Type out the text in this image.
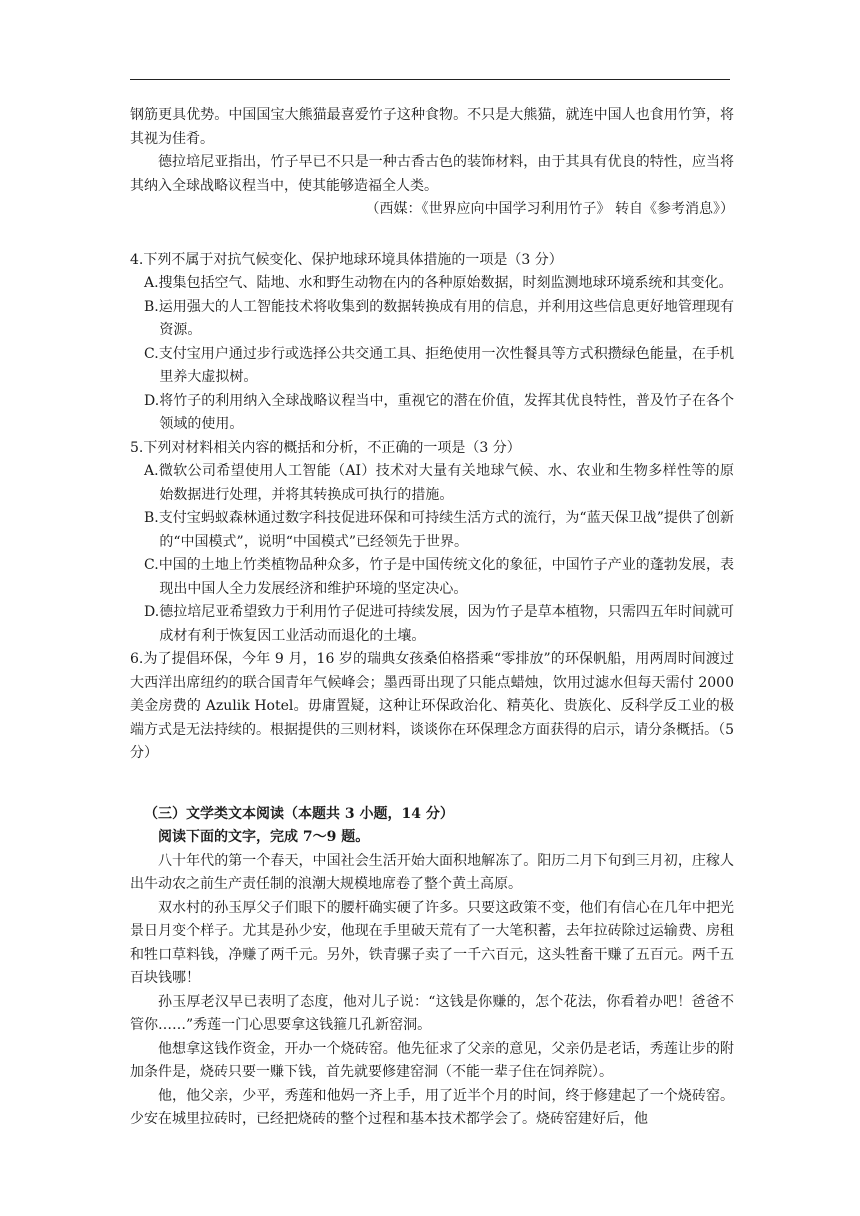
钢筋更具优势。中国国宝大熊猫最喜爱竹子这种食物。不只是大熊猫，就连中国人也食用竹笋，将其视为佳肴。

德拉培尼亚指出，竹子早已不只是一种古香古色的装饰材料，由于其具有优良的特性，应当将其纳入全球战略议程当中，使其能够造福全人类。

（西媒：《世界应向中国学习利用竹子》 转自《参考消息》）

4.下列不属于对抗气候变化、保护地球环境具体措施的一项是（3 分）

A.搜集包括空气、陆地、水和野生动物在内的各种原始数据，时刻监测地球环境系统和其变化。

B.运用强大的人工智能技术将收集到的数据转换成有用的信息，并利用这些信息更好地管理现有资源。

C.支付宝用户通过步行或选择公共交通工具、拒绝使用一次性餐具等方式积攒绿色能量，在手机里养大虚拟树。

D.将竹子的利用纳入全球战略议程当中，重视它的潜在价值，发挥其优良特性，普及竹子在各个领域的使用。

5.下列对材料相关内容的概括和分析，不正确的一项是（3 分）

A.微软公司希望使用人工智能（AI）技术对大量有关地球气候、水、农业和生物多样性等的原始数据进行处理，并将其转换成可执行的措施。

B.支付宝蚂蚁森林通过数字科技促进环保和可持续生活方式的流行，为“蓝天保卫战”提供了创新的“中国模式”，说明“中国模式”已经领先于世界。

C.中国的土地上竹类植物品种众多，竹子是中国传统文化的象征，中国竹子产业的蓬勃发展，表现出中国人全力发展经济和维护环境的坚定决心。

D.德拉培尼亚希望致力于利用竹子促进可持续发展，因为竹子是草本植物，只需四五年时间就可成材有利于恢复因工业活动而退化的土壤。

6.为了提倡环保，今年 9 月，16 岁的瑞典女孩桑伯格搭乘“零排放”的环保帆船，用两周时间渡过大西洋出席纽约的联合国青年气候峰会；墨西哥出现了只能点蜡烛，饮用过滤水但每天需付 2000 美金房费的 Azulik Hotel。毋庸置疑，这种让环保政治化、精英化、贵族化、反科学反工业的极端方式是无法持续的。根据提供的三则材料，谈谈你在环保理念方面获得的启示，请分条概括。（5 分）

（三）文学类文本阅读（本题共 3 小题，14 分）

阅读下面的文字，完成 7～9 题。

八十年代的第一个春天，中国社会生活开始大面积地解冻了。阳历二月下旬到三月初，庄稼人出牛动农之前生产责任制的浪潮大规模地席卷了整个黄土高原。

双水村的孙玉厚父子们眼下的腰杆确实硬了许多。只要这政策不变，他们有信心在几年中把光景日月变个样子。尤其是孙少安，他现在手里破天荒有了一大笔积蓄，去年拉砖除过运输费、房租和牲口草料钱，净赚了两千元。另外，铁青骡子卖了一千六百元，这头牲畜干赚了五百元。两千五百块钱哪！

孙玉厚老汉早已表明了态度，他对儿子说：“这钱是你赚的，怎个花法，你看着办吧！爸爸不管你……”秀莲一门心思要拿这钱箍几孔新窑洞。

他想拿这钱作资金，开办一个烧砖窑。他先征求了父亲的意见，父亲仍是老话，秀莲让步的附加条件是，烧砖只要一赚下钱，首先就要修建窑洞（不能一辈子住在饲养院）。

他，他父亲，少平，秀莲和他妈一齐上手，用了近半个月的时间，终于修建起了一个烧砖窑。少安在城里拉砖时，已经把烧砖的整个过程和基本技术都学会了。烧砖窑建好后，他
